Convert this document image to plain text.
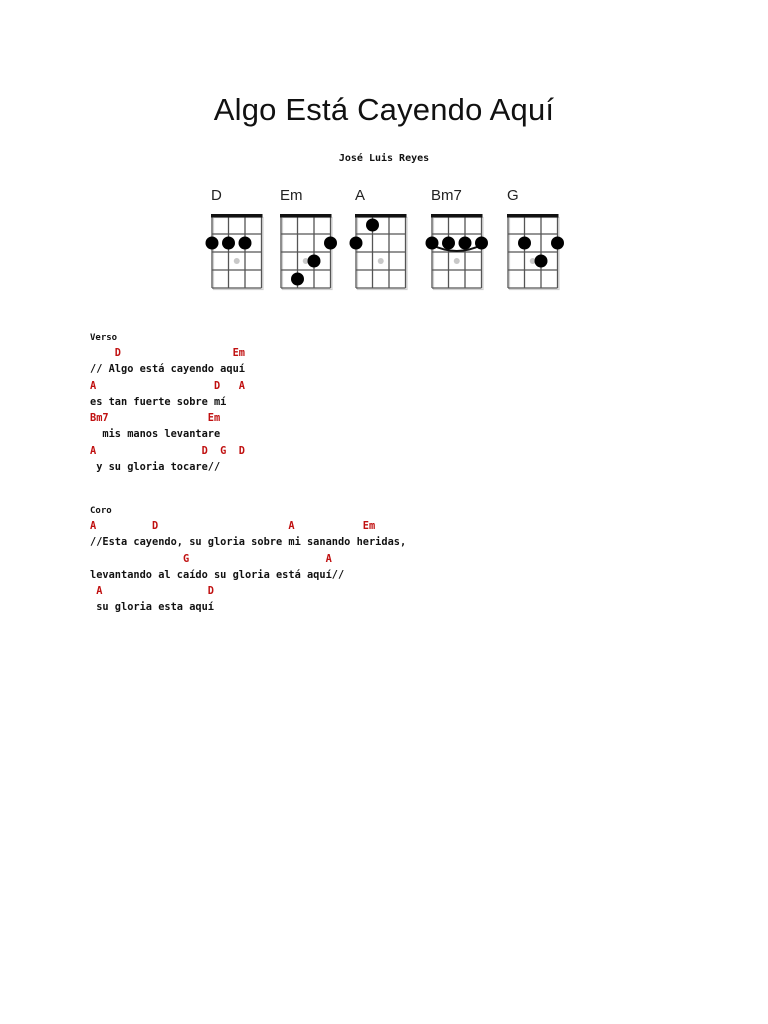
Algo Está Cayendo Aquí
José Luis Reyes
D	Em	A	Bm7	G
Verso
D                  Em
// Algo está cayendo aquí
A                   D   A
es tan fuerte sobre mí
Bm7                Em
mis manos levantare
A                 D  G  D
y su gloria tocare//
Coro
A         D                     A           Em
//Esta cayendo, su gloria sobre mi sanando heridas,
G                      A
levantando al caído su gloria está aquí//
A                 D
su gloria esta aquí
